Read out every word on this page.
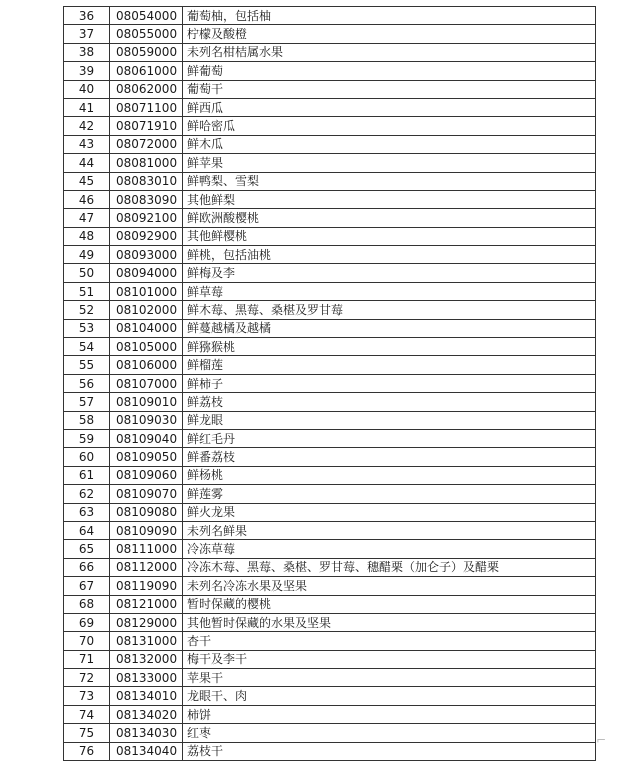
36	08054000	葡萄柚，包括柚
37	08055000	柠檬及酸橙
38	08059000	未列名柑桔属水果
39	08061000	鲜葡萄
40	08062000	葡萄干
41	08071100	鲜西瓜
42	08071910	鲜哈密瓜
43	08072000	鲜木瓜
44	08081000	鲜苹果
45	08083010	鲜鸭梨、雪梨
46	08083090	其他鲜梨
47	08092100	鲜欧洲酸樱桃
48	08092900	其他鲜樱桃
49	08093000	鲜桃，包括油桃
50	08094000	鲜梅及李
51	08101000	鲜草莓
52	08102000	鲜木莓、黑莓、桑椹及罗甘莓
53	08104000	鲜蔓越橘及越橘
54	08105000	鲜猕猴桃
55	08106000	鲜榴莲
56	08107000	鲜柿子
57	08109010	鲜荔枝
58	08109030	鲜龙眼
59	08109040	鲜红毛丹
60	08109050	鲜番荔枝
61	08109060	鲜杨桃
62	08109070	鲜莲雾
63	08109080	鲜火龙果
64	08109090	未列名鲜果
65	08111000	冷冻草莓
66	08112000	冷冻木莓、黑莓、桑椹、罗甘莓、穗醋栗（加仑子）及醋栗
67	08119090	未列名冷冻水果及坚果
68	08121000	暂时保藏的樱桃
69	08129000	其他暂时保藏的水果及坚果
70	08131000	杏干
71	08132000	梅干及李干
72	08133000	苹果干
73	08134010	龙眼干、肉
74	08134020	柿饼
75	08134030	红枣
76	08134040	荔枝干
⌐
